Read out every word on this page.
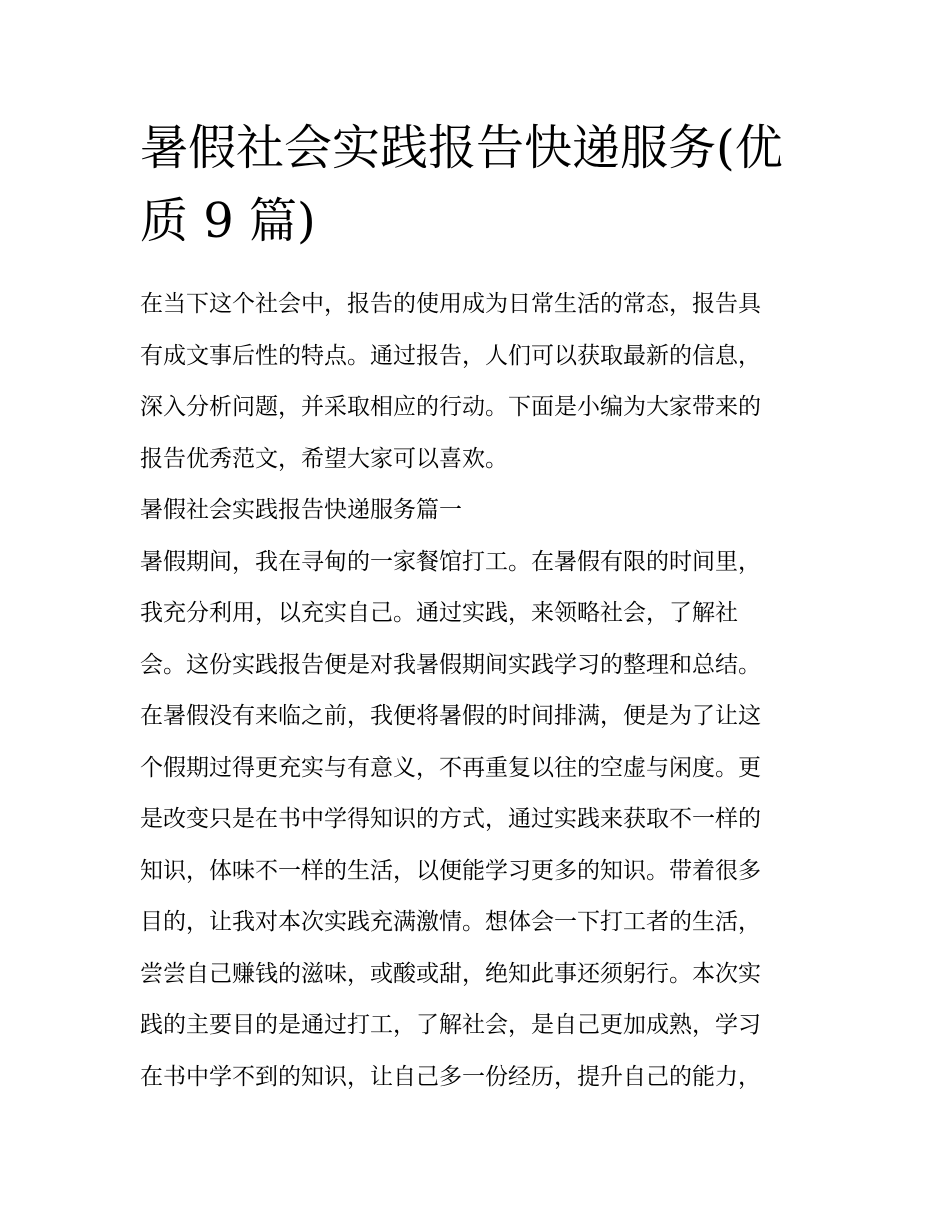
暑假社会实践报告快递服务(优
质 9 篇)
在当下这个社会中，报告的使用成为日常生活的常态，报告具
有成文事后性的特点。通过报告，人们可以获取最新的信息，
深入分析问题，并采取相应的行动。下面是小编为大家带来的
报告优秀范文，希望大家可以喜欢。
暑假社会实践报告快递服务篇一
暑假期间，我在寻甸的一家餐馆打工。在暑假有限的时间里，
我充分利用，以充实自己。通过实践，来领略社会，了解社
会。这份实践报告便是对我暑假期间实践学习的整理和总结。
在暑假没有来临之前，我便将暑假的时间排满，便是为了让这
个假期过得更充实与有意义，不再重复以往的空虚与闲度。更
是改变只是在书中学得知识的方式，通过实践来获取不一样的
知识，体味不一样的生活，以便能学习更多的知识。带着很多
目的，让我对本次实践充满激情。想体会一下打工者的生活，
尝尝自己赚钱的滋味，或酸或甜，绝知此事还须躬行。本次实
践的主要目的是通过打工，了解社会，是自己更加成熟，学习
在书中学不到的知识，让自己多一份经历，提升自己的能力，
